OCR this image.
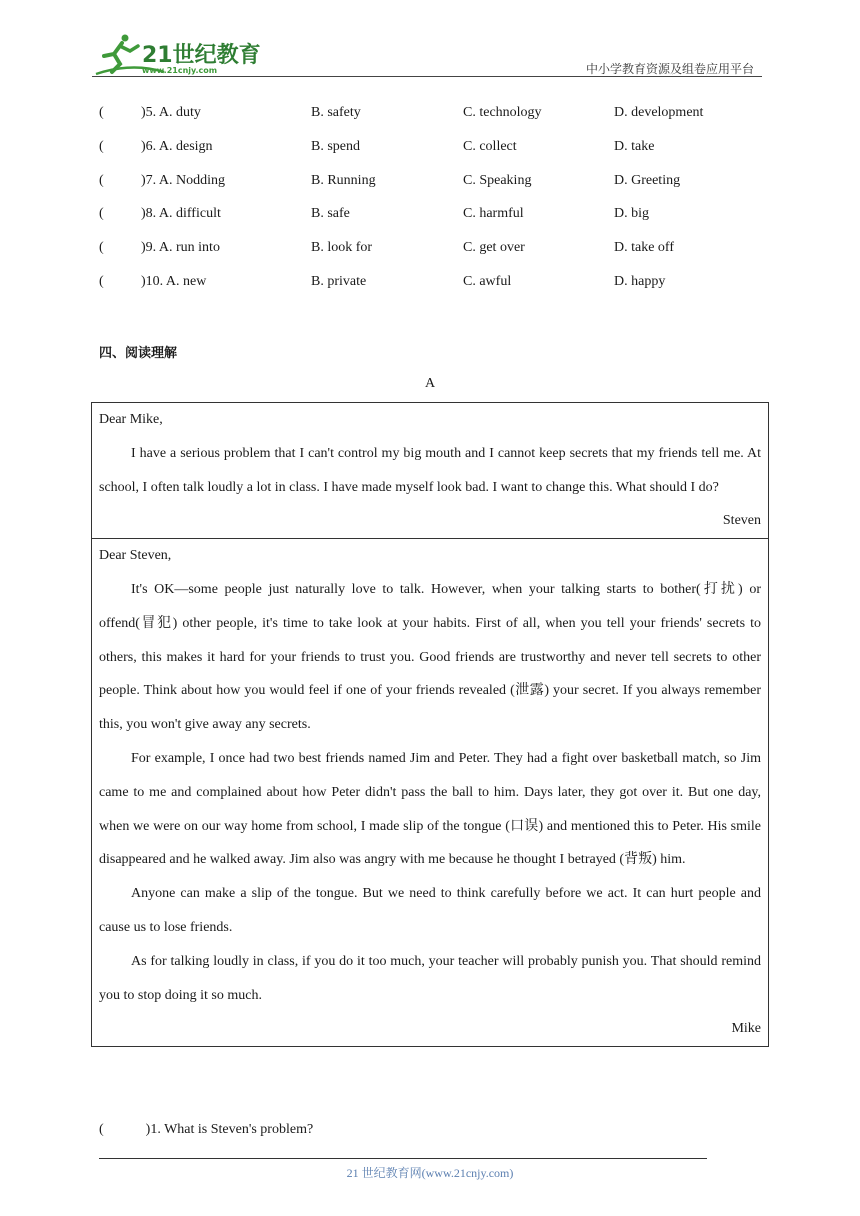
21世纪教育
www.21cnjy.com	中小学教育资源及组卷应用平台
(	)5. A. duty	B. safety	C. technology	D. development
(	)6. A. design	B. spend	C. collect	D. take
(	)7. A. Nodding	B. Running	C. Speaking	D. Greeting
(	)8. A. difficult	B. safe	C. harmful	D. big
(	)9. A. run into	B. look for	C. get over	D. take off
(	)10. A. new	B. private	C. awful	D. happy
四、阅读理解
A

Dear Mike,

I have a serious problem that I can't control my big mouth and I cannot keep secrets that my friends tell me. At school, I often talk loudly a lot in class. I have made myself look bad. I want to change this. What should I do?

Steven

Dear Steven,

It's OK—some people just naturally love to talk. However, when your talking starts to bother(打扰) or offend(冒犯) other people, it's time to take look at your habits. First of all, when you tell your friends' secrets to others, this makes it hard for your friends to trust you. Good friends are trustworthy and never tell secrets to other people. Think about how you would feel if one of your friends revealed (泄露) your secret. If you always remember this, you won't give away any secrets.

For example, I once had two best friends named Jim and Peter. They had a fight over basketball match, so Jim came to me and complained about how Peter didn't pass the ball to him. Days later, they got over it. But one day, when we were on our way home from school, I made slip of the tongue (口误) and mentioned this to Peter. His smile disappeared and he walked away. Jim also was angry with me because he thought I betrayed (背叛) him.

Anyone can make a slip of the tongue. But we need to think carefully before we act. It can hurt people and cause us to lose friends.

As for talking loudly in class, if you do it too much, your teacher will probably punish you. That should remind you to stop doing it so much.

Mike

(	)1. What is Steven's problem?
21 世纪教育网(www.21cnjy.com)
